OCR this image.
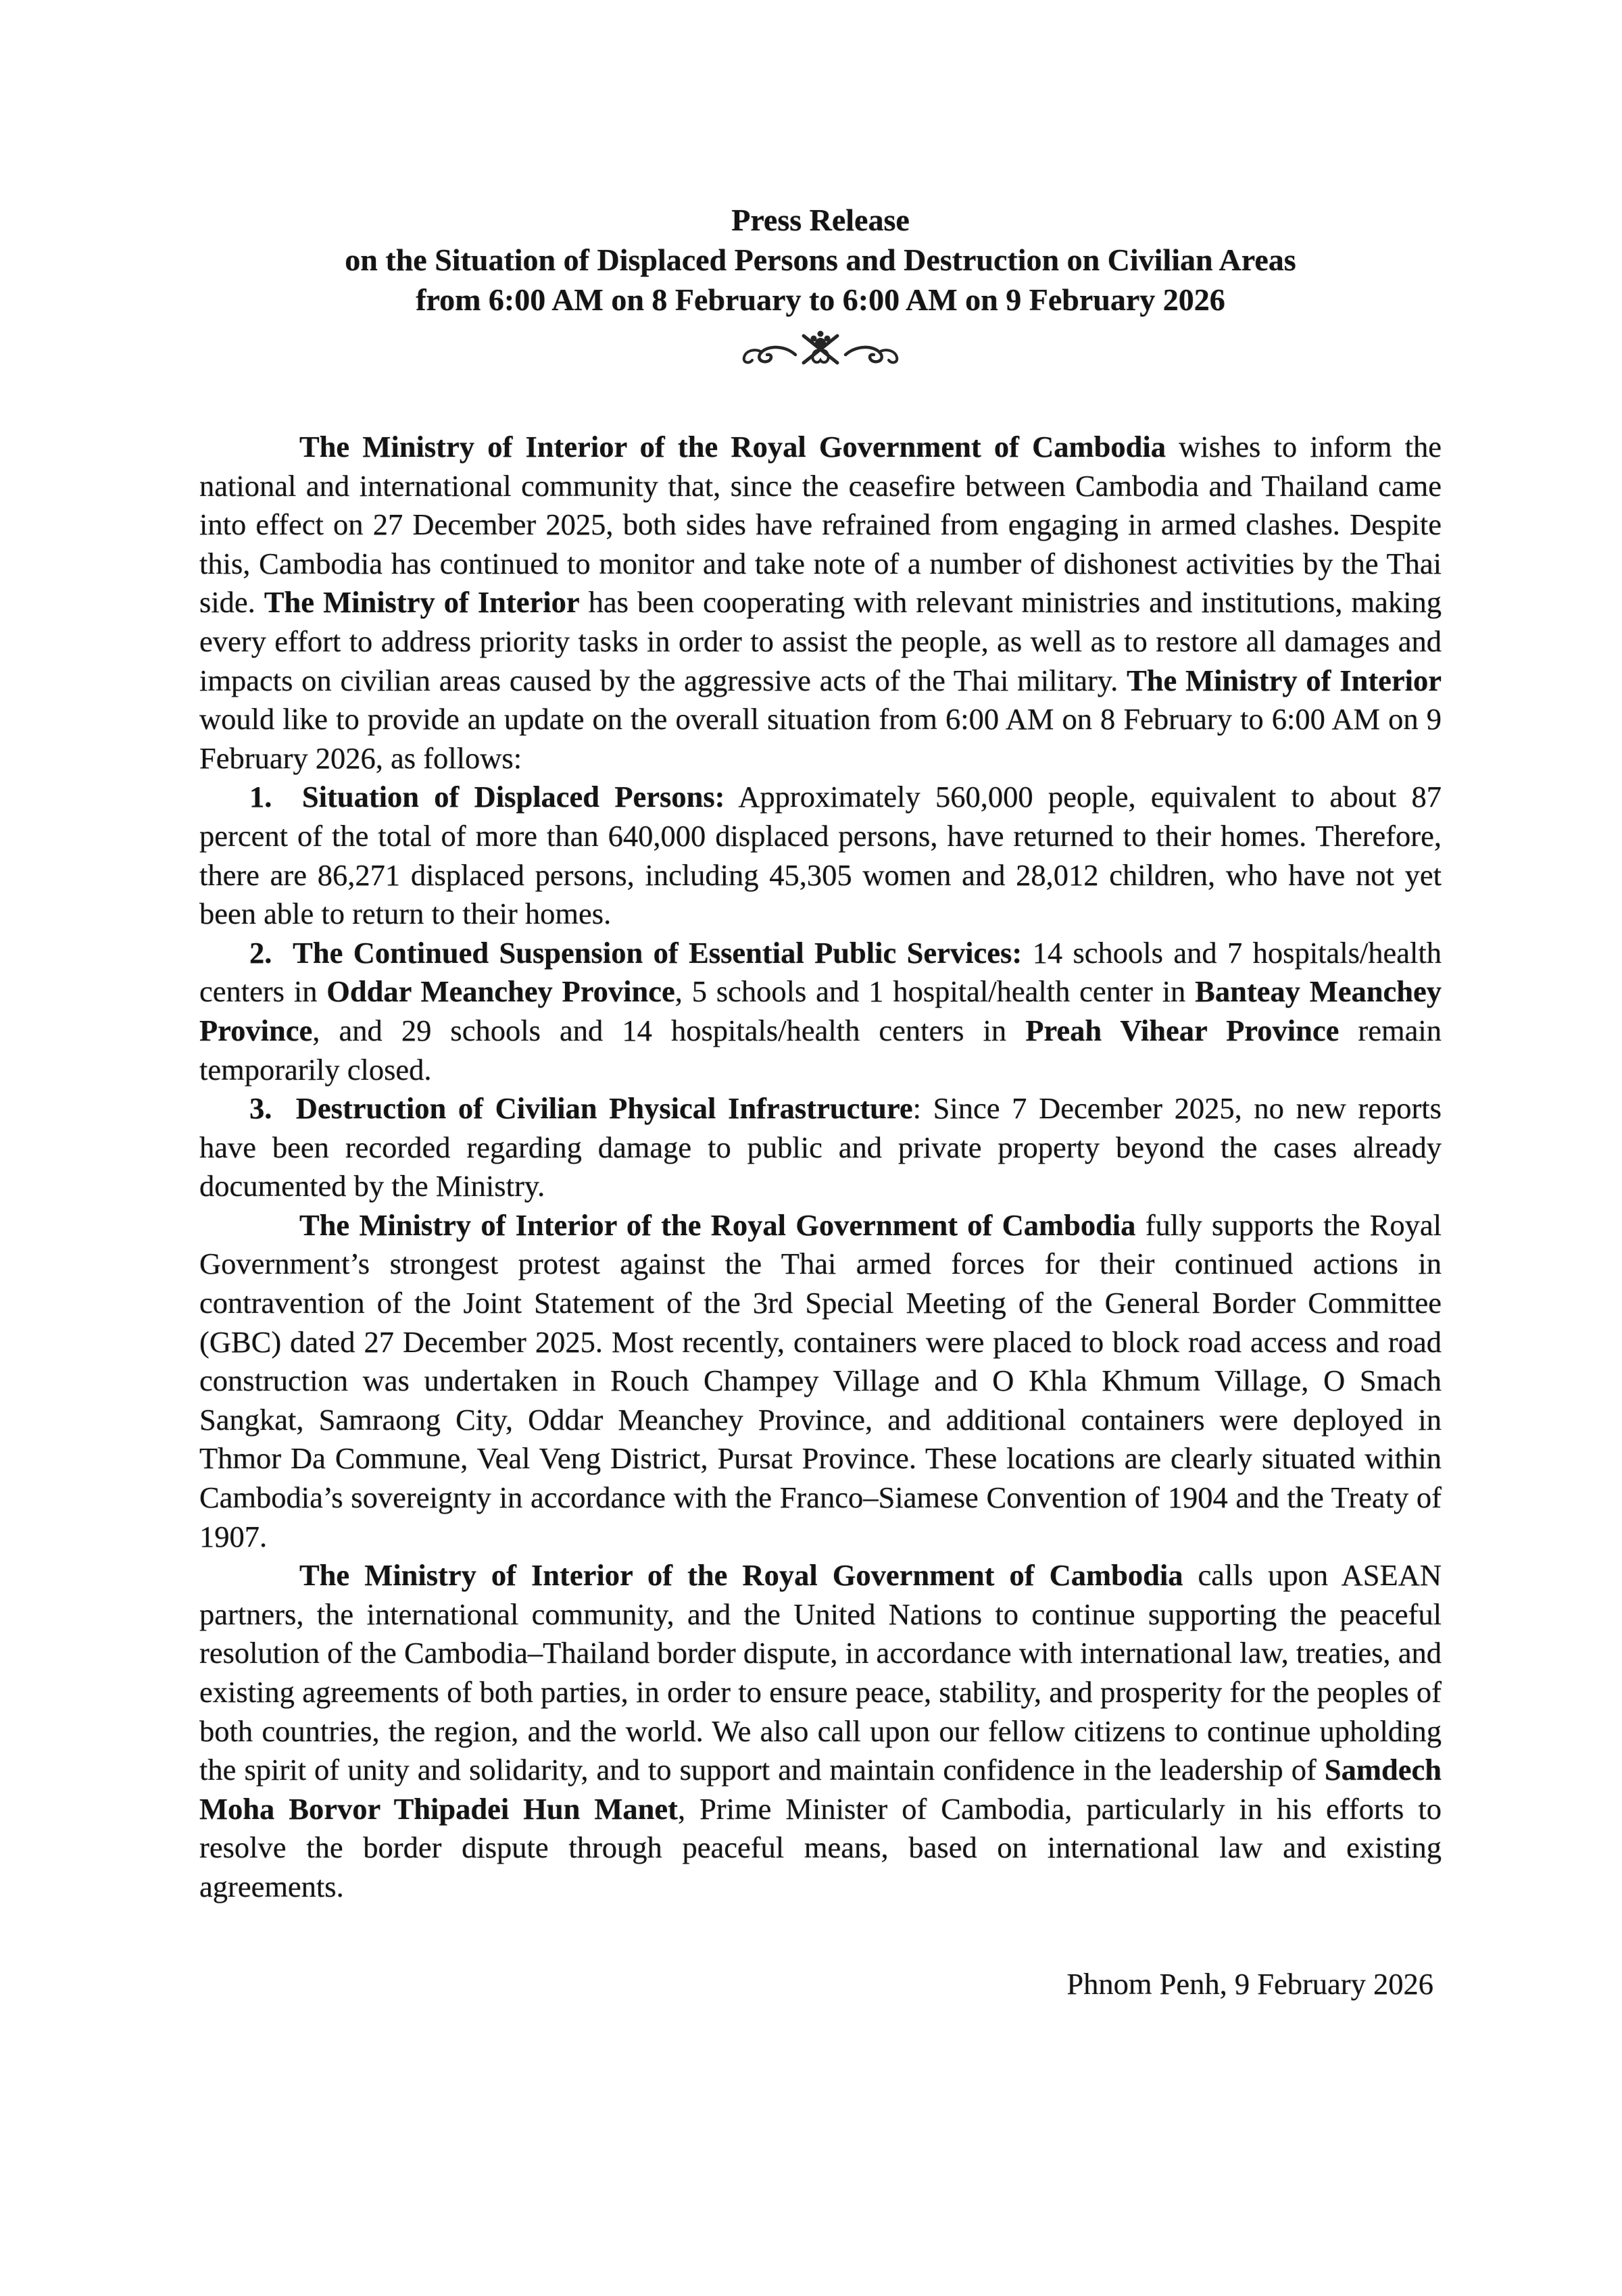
Press Release
on the Situation of Displaced Persons and Destruction on Civilian Areas
from 6:00 AM on 8 February to 6:00 AM on 9 February 2026

The Ministry of Interior of the Royal Government of Cambodia wishes to inform the national and international community that, since the ceasefire between Cambodia and Thailand came into effect on 27 December 2025, both sides have refrained from engaging in armed clashes. Despite this, Cambodia has continued to monitor and take note of a number of dishonest activities by the Thai side. The Ministry of Interior has been cooperating with relevant ministries and institutions, making every effort to address priority tasks in order to assist the people, as well as to restore all damages and impacts on civilian areas caused by the aggressive acts of the Thai military. The Ministry of Interior would like to provide an update on the overall situation from 6:00 AM on 8 February to 6:00 AM on 9 February 2026, as follows:

1.  Situation of Displaced Persons: Approximately 560,000 people, equivalent to about 87 percent of the total of more than 640,000 displaced persons, have returned to their homes. Therefore, there are 86,271 displaced persons, including 45,305 women and 28,012 children, who have not yet been able to return to their homes.

2.  The Continued Suspension of Essential Public Services: 14 schools and 7 hospitals/health centers in Oddar Meanchey Province, 5 schools and 1 hospital/health center in Banteay Meanchey Province, and 29 schools and 14 hospitals/health centers in Preah Vihear Province remain temporarily closed.

3.  Destruction of Civilian Physical Infrastructure: Since 7 December 2025, no new reports have been recorded regarding damage to public and private property beyond the cases already documented by the Ministry.

The Ministry of Interior of the Royal Government of Cambodia fully supports the Royal Government’s strongest protest against the Thai armed forces for their continued actions in contravention of the Joint Statement of the 3rd Special Meeting of the General Border Committee (GBC) dated 27 December 2025. Most recently, containers were placed to block road access and road construction was undertaken in Rouch Champey Village and O Khla Khmum Village, O Smach Sangkat, Samraong City, Oddar Meanchey Province, and additional containers were deployed in Thmor Da Commune, Veal Veng District, Pursat Province. These locations are clearly situated within Cambodia’s sovereignty in accordance with the Franco–Siamese Convention of 1904 and the Treaty of 1907.

The Ministry of Interior of the Royal Government of Cambodia calls upon ASEAN partners, the international community, and the United Nations to continue supporting the peaceful resolution of the Cambodia–Thailand border dispute, in accordance with international law, treaties, and existing agreements of both parties, in order to ensure peace, stability, and prosperity for the peoples of both countries, the region, and the world. We also call upon our fellow citizens to continue upholding the spirit of unity and solidarity, and to support and maintain confidence in the leadership of Samdech Moha Borvor Thipadei Hun Manet, Prime Minister of Cambodia, particularly in his efforts to resolve the border dispute through peaceful means, based on international law and existing agreements.

Phnom Penh, 9 February 2026
